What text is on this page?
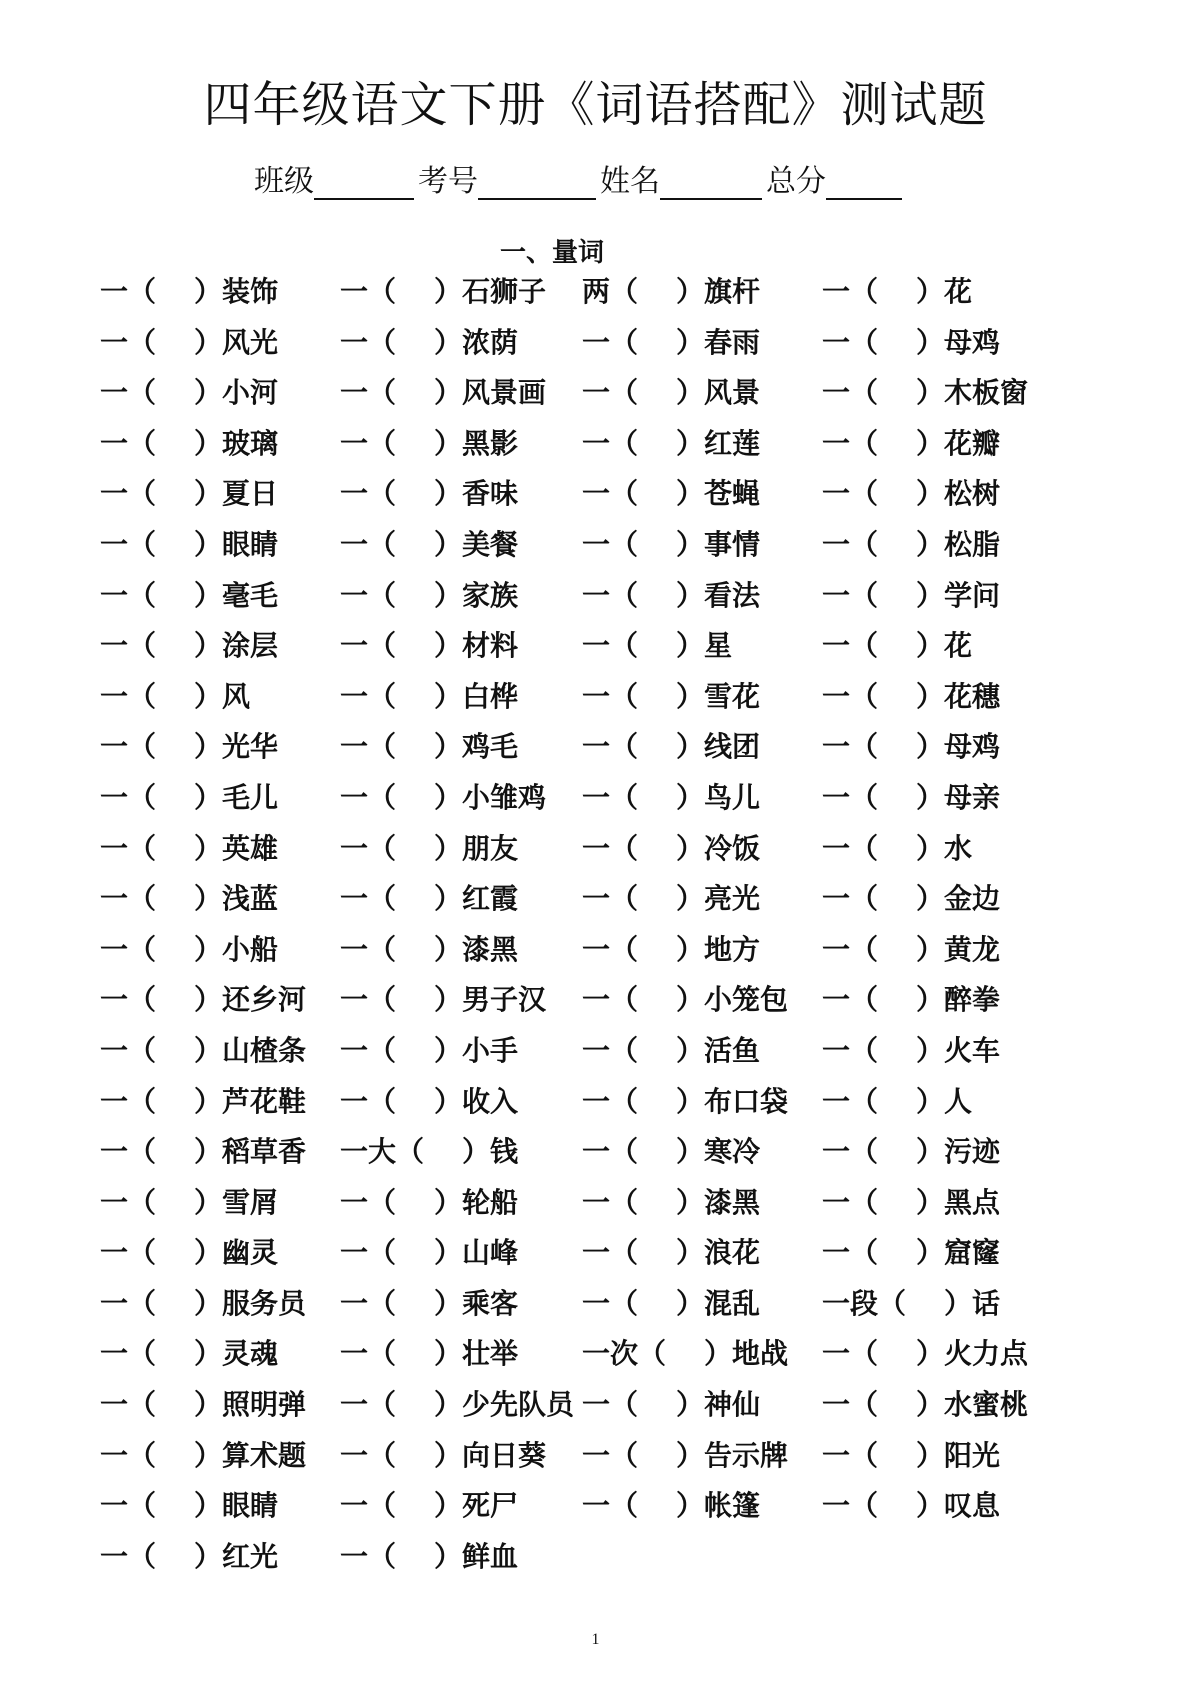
四年级语文下册《词语搭配》测试题
班级	考号	姓名	总分
一、量词
一（ ）装饰 一（ ）石狮子 两（ ）旗杆 一（ ）花
一（ ）风光 一（ ）浓荫 一（ ）春雨 一（ ）母鸡
一（ ）小河 一（ ）风景画 一（ ）风景 一（ ）木板窗
一（ ）玻璃 一（ ）黑影 一（ ）红莲 一（ ）花瓣
一（ ）夏日 一（ ）香味 一（ ）苍蝇 一（ ）松树
一（ ）眼睛 一（ ）美餐 一（ ）事情 一（ ）松脂
一（ ）毫毛 一（ ）家族 一（ ）看法 一（ ）学问
一（ ）涂层 一（ ）材料 一（ ）星	一（ ）花
一（ ）风	一（ ）白桦 一（ ）雪花 一（ ）花穗
一（ ）光华 一（ ）鸡毛 一（ ）线团 一（ ）母鸡
一（ ）毛儿 一（ ）小雏鸡 一（ ）鸟儿 一（ ）母亲
一（ ）英雄 一（ ）朋友 一（ ）冷饭 一（ ）水
一（ ）浅蓝 一（ ）红霞 一（ ）亮光 一（ ）金边
一（ ）小船 一（ ）漆黑 一（ ）地方 一（ ）黄龙
一（ ）还乡河 一（ ）男子汉 一（ ）小笼包 一（ ）醉拳
一（ ）山楂条 一（ ）小手 一（ ）活鱼 一（ ）火车
一（ ）芦花鞋 一（ ）收入 一（ ）布口袋 一（ ）人
一（ ）稻草香 一大（ ）钱 一（ ）寒冷 一（ ）污迹
一（ ）雪屑 一（ ）轮船 一（ ）漆黑 一（ ）黑点
一（ ）幽灵 一（ ）山峰 一（ ）浪花 一（ ）窟窿
一（ ）服务员 一（ ）乘客 一（ ）混乱 一段（ ）话
一（ ）灵魂 一（ ）壮举 一次（ ）地战 一（ ）火力点
一（ ）照明弹 一（ ）少先队员 一（ ）神仙 一（ ）水蜜桃
一（ ）算术题 一（ ）向日葵 一（ ）告示牌 一（ ）阳光
一（ ）眼睛 一（ ）死尸 一（ ）帐篷 一（ ）叹息
一（ ）红光 一（ ）鲜血
1
